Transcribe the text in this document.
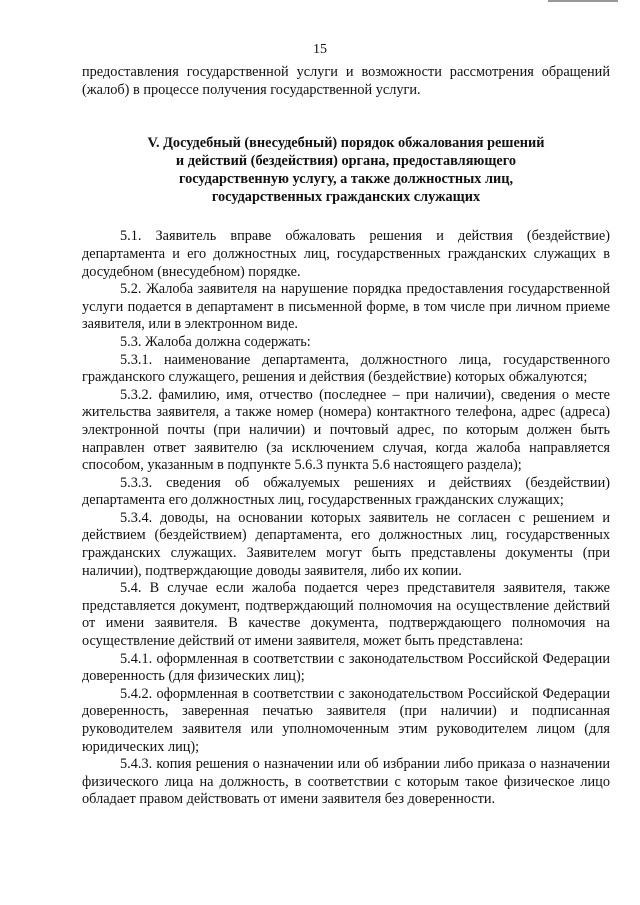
15

предоставления государственной услуги и возможности рассмотрения обращений (жалоб) в процессе получения государственной услуги.

V. Досудебный (внесудебный) порядок обжалования решений
и действий (бездействия) органа, предоставляющего
государственную услугу, а также должностных лиц,
государственных гражданских служащих

5.1. Заявитель вправе обжаловать решения и действия (бездействие) департамента и его должностных лиц, государственных гражданских служащих в досудебном (внесудебном) порядке.

5.2. Жалоба заявителя на нарушение порядка предоставления государственной услуги подается в департамент в письменной форме, в том числе при личном приеме заявителя, или в электронном виде.

5.3. Жалоба должна содержать:

5.3.1. наименование департамента, должностного лица, государственного гражданского служащего, решения и действия (бездействие) которых обжалуются;

5.3.2. фамилию, имя, отчество (последнее – при наличии), сведения о месте жительства заявителя, а также номер (номера) контактного телефона, адрес (адреса) электронной почты (при наличии) и почтовый адрес, по которым должен быть направлен ответ заявителю (за исключением случая, когда жалоба направляется способом, указанным в подпункте 5.6.3 пункта 5.6 настоящего раздела);

5.3.3. сведения об обжалуемых решениях и действиях (бездействии) департамента его должностных лиц, государственных гражданских служащих;

5.3.4. доводы, на основании которых заявитель не согласен с решением и действием (бездействием) департамента, его должностных лиц, государственных гражданских служащих. Заявителем могут быть представлены документы (при наличии), подтверждающие доводы заявителя, либо их копии.

5.4. В случае если жалоба подается через представителя заявителя, также представляется документ, подтверждающий полномочия на осуществление действий от имени заявителя. В качестве документа, подтверждающего полномочия на осуществление действий от имени заявителя, может быть представлена:

5.4.1. оформленная в соответствии с законодательством Российской Федерации доверенность (для физических лиц);

5.4.2. оформленная в соответствии с законодательством Российской Федерации доверенность, заверенная печатью заявителя (при наличии) и подписанная руководителем заявителя или уполномоченным этим руководителем лицом (для юридических лиц);

5.4.3. копия решения о назначении или об избрании либо приказа о назначении физического лица на должность, в соответствии с которым такое физическое лицо обладает правом действовать от имени заявителя без доверенности.
